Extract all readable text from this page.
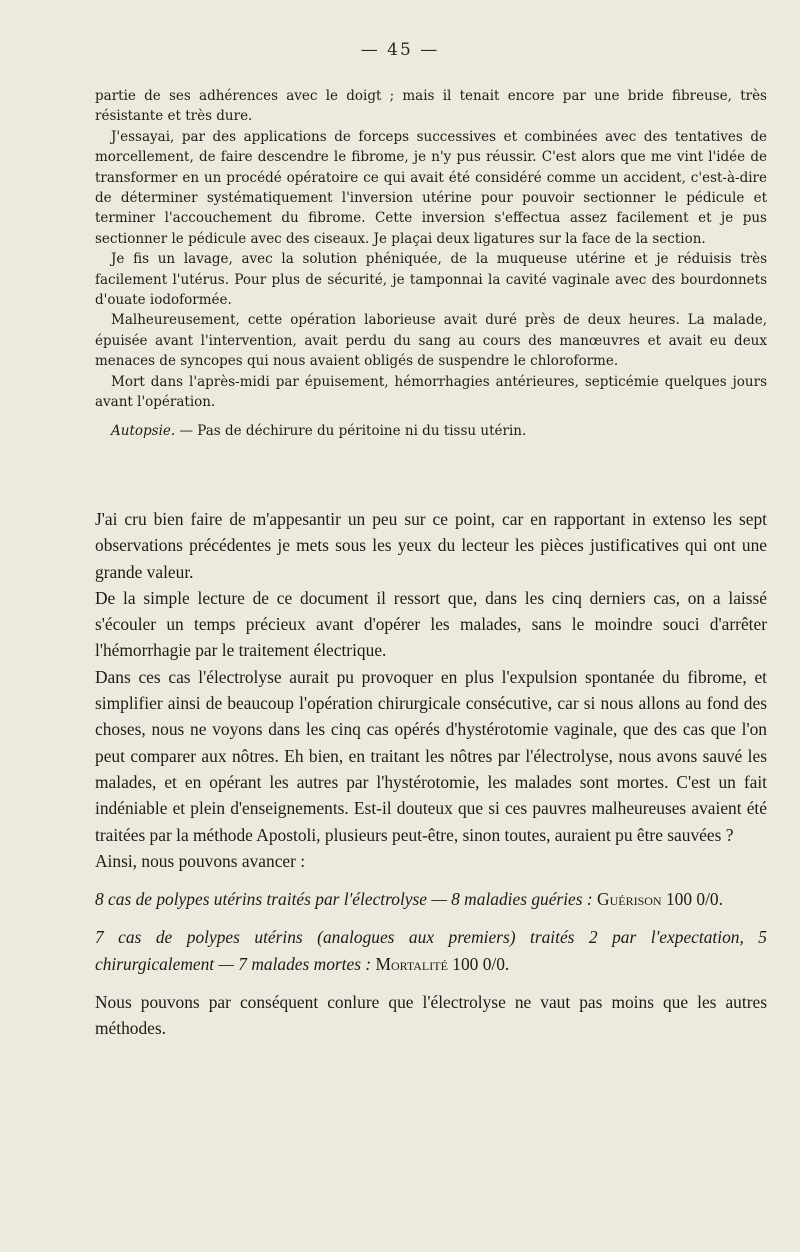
— 45 —

partie de ses adhérences avec le doigt ; mais il tenait encore par une bride fibreuse, très résistante et très dure.

J'essayai, par des applications de forceps successives et combinées avec des tentatives de morcellement, de faire descendre le fibrome, je n'y pus réussir. C'est alors que me vint l'idée de transformer en un procédé opératoire ce qui avait été considéré comme un accident, c'est-à-dire de déterminer systématiquement l'inversion utérine pour pouvoir sectionner le pédicule et terminer l'accouchement du fibrome. Cette inversion s'effectua assez facilement et je pus sectionner le pédicule avec des ciseaux. Je plaçai deux ligatures sur la face de la section.

Je fis un lavage, avec la solution phéniquée, de la muqueuse utérine et je réduisis très facilement l'utérus. Pour plus de sécurité, je tamponnai la cavité vaginale avec des bourdonnets d'ouate iodoformée.

Malheureusement, cette opération laborieuse avait duré près de deux heures. La malade, épuisée avant l'intervention, avait perdu du sang au cours des manœuvres et avait eu deux menaces de syncopes qui nous avaient obligés de suspendre le chloroforme.

Mort dans l'après-midi par épuisement, hémorrhagies antérieures, septicémie quelques jours avant l'opération.

Autopsie. — Pas de déchirure du péritoine ni du tissu utérin.

J'ai cru bien faire de m'appesantir un peu sur ce point, car en rapportant in extenso les sept observations précédentes je mets sous les yeux du lecteur les pièces justificatives qui ont une grande valeur.

De la simple lecture de ce document il ressort que, dans les cinq derniers cas, on a laissé s'écouler un temps précieux avant d'opérer les malades, sans le moindre souci d'arrêter l'hémorrhagie par le traitement électrique.

Dans ces cas l'électrolyse aurait pu provoquer en plus l'expulsion spontanée du fibrome, et simplifier ainsi de beaucoup l'opération chirurgicale consécutive, car si nous allons au fond des choses, nous ne voyons dans les cinq cas opérés d'hystérotomie vaginale, que des cas que l'on peut comparer aux nôtres. Eh bien, en traitant les nôtres par l'électrolyse, nous avons sauvé les malades, et en opérant les autres par l'hystérotomie, les malades sont mortes. C'est un fait indéniable et plein d'enseignements. Est-il douteux que si ces pauvres malheureuses avaient été traitées par la méthode Apostoli, plusieurs peut-être, sinon toutes, auraient pu être sauvées ?

Ainsi, nous pouvons avancer :

8 cas de polypes utérins traités par l'électrolyse — 8 maladies guéries : Guérison 100 0/0.

7 cas de polypes utérins (analogues aux premiers) traités 2 par l'expectation, 5 chirurgicalement — 7 malades mortes : Mortalité 100 0/0.

Nous pouvons par conséquent conlure que l'électrolyse ne vaut pas moins que les autres méthodes.
